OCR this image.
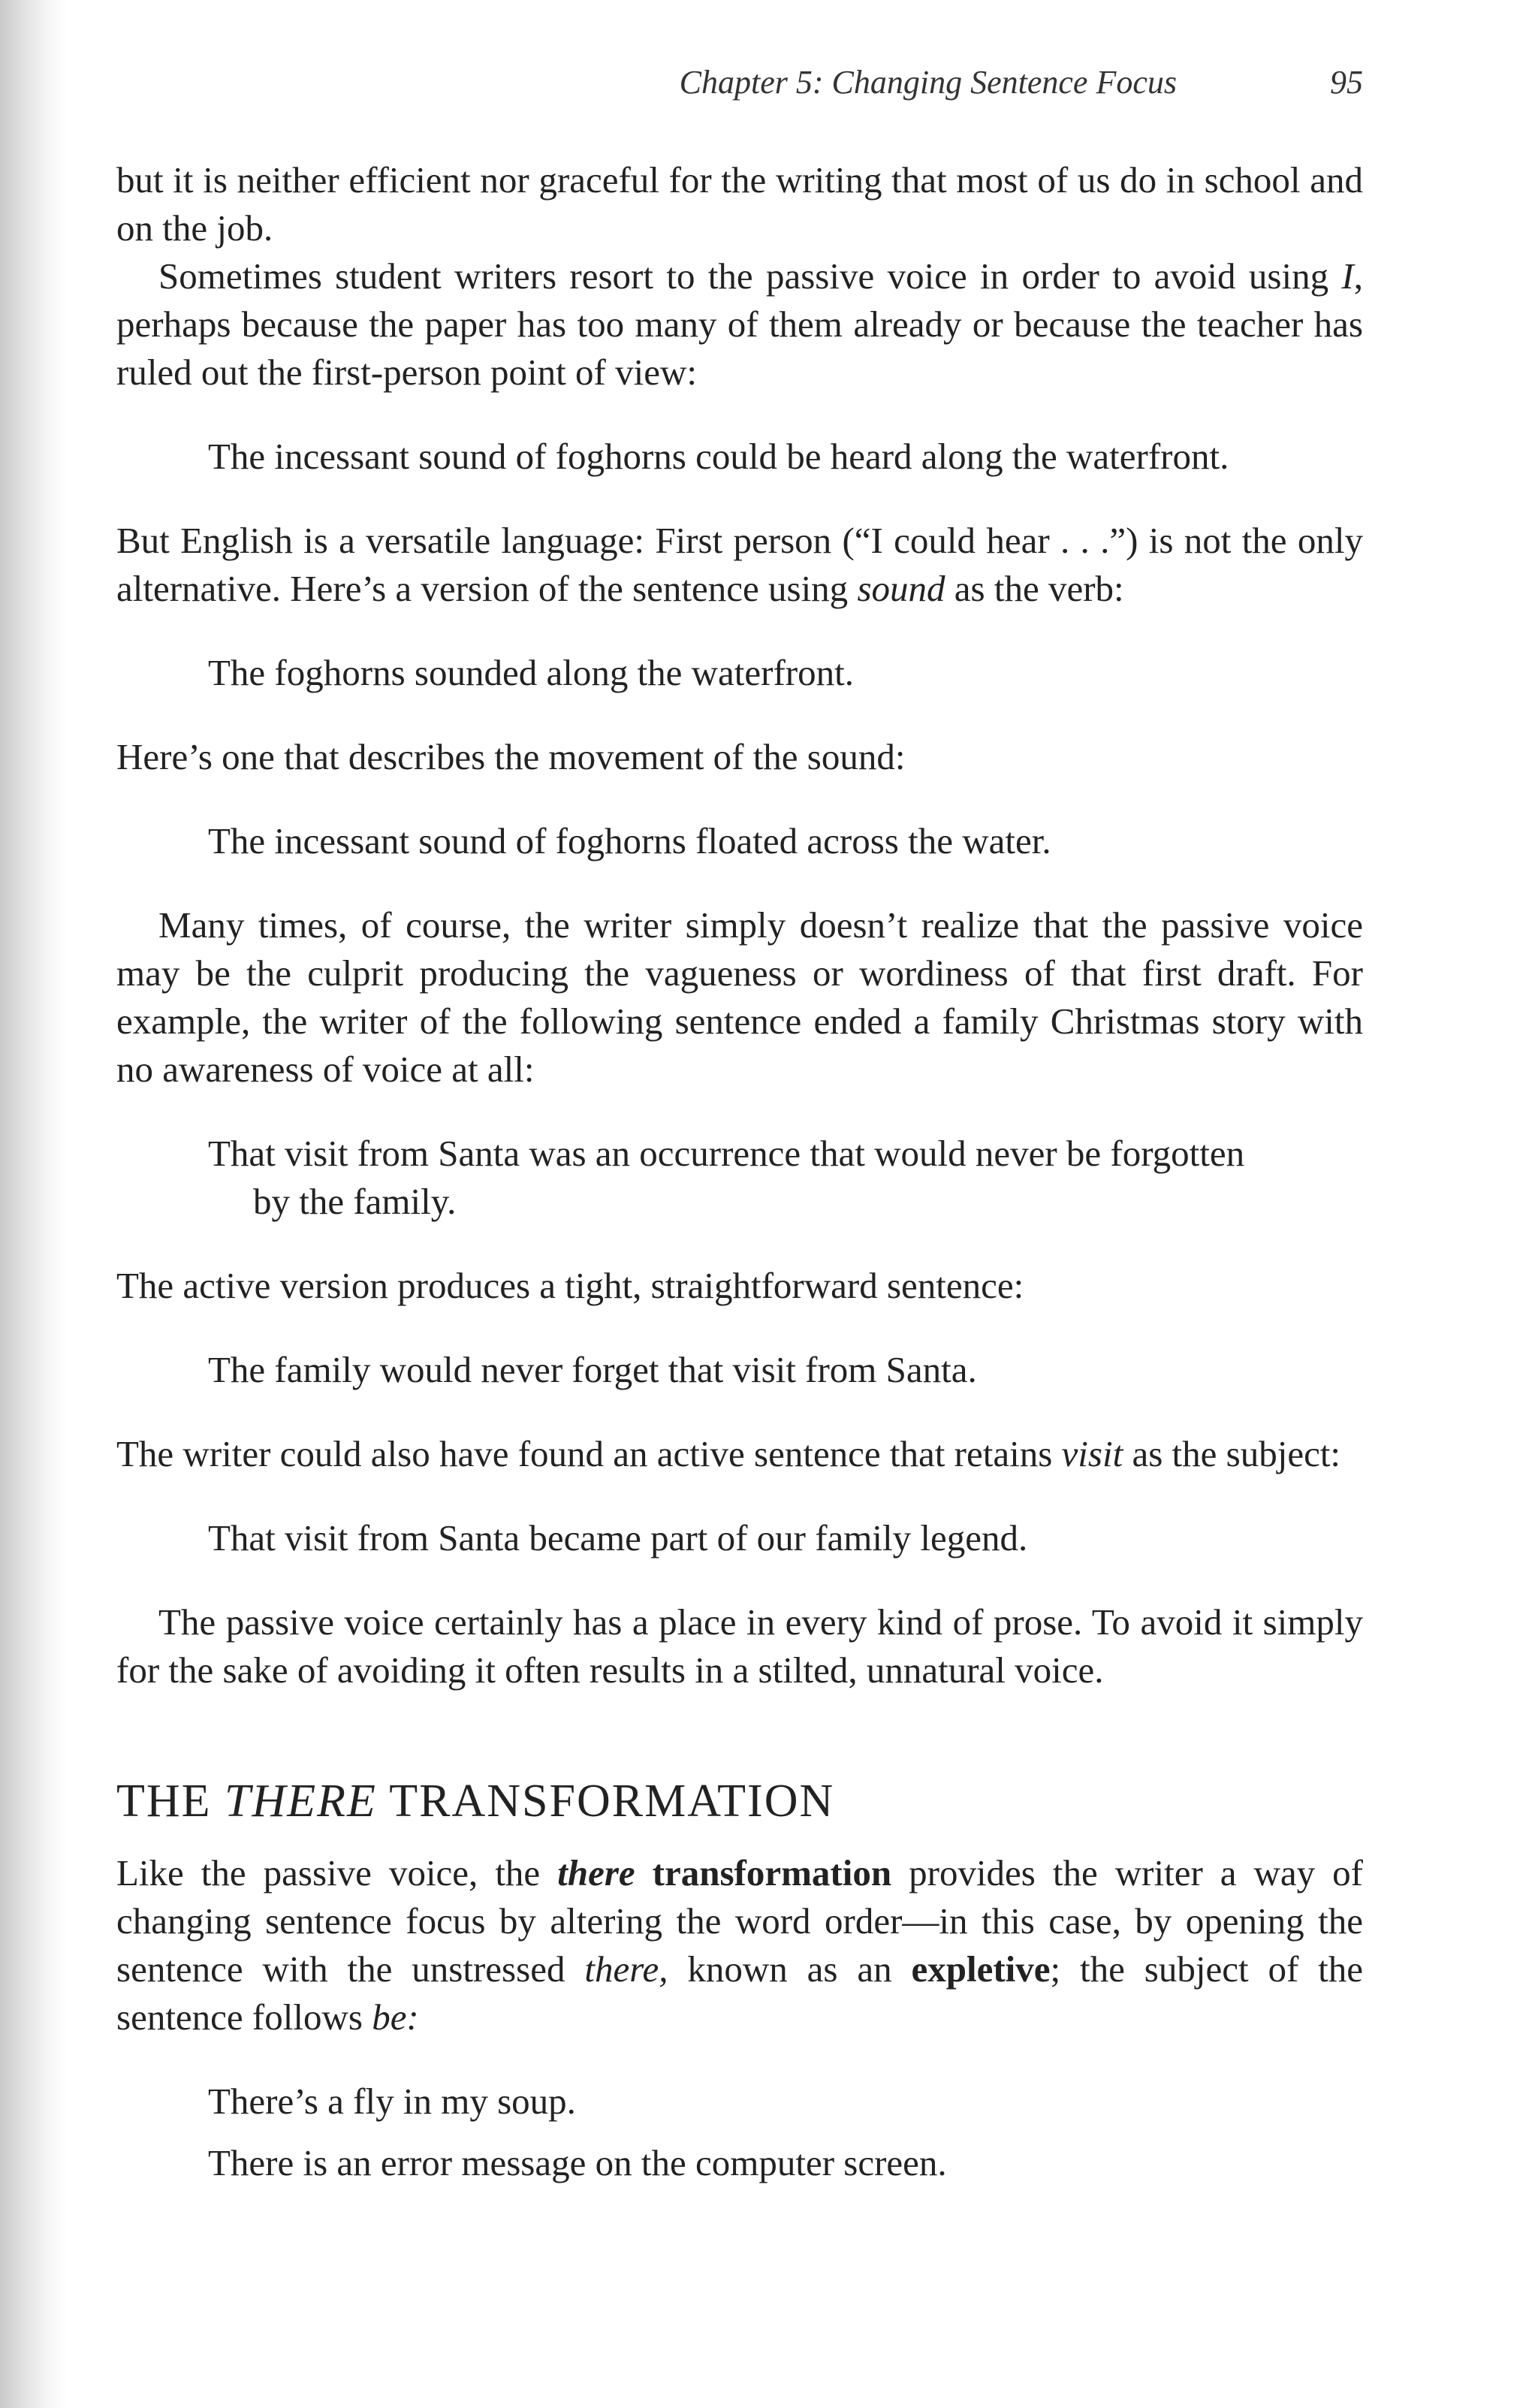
Chapter 5: Changing Sentence Focus	95

but it is neither efficient nor graceful for the writing that most of us do in school and on the job.

Sometimes student writers resort to the passive voice in order to avoid using I, perhaps because the paper has too many of them already or because the teacher has ruled out the first-person point of view:

The incessant sound of foghorns could be heard along the waterfront.

But English is a versatile language: First person (“I could hear . . .”) is not the only alternative. Here’s a version of the sentence using sound as the verb:

The foghorns sounded along the waterfront.

Here’s one that describes the movement of the sound:

The incessant sound of foghorns floated across the water.

Many times, of course, the writer simply doesn’t realize that the passive voice may be the culprit producing the vagueness or wordiness of that first draft. For example, the writer of the following sentence ended a family Christmas story with no awareness of voice at all:

That visit from Santa was an occurrence that would never be forgotten by the family.

The active version produces a tight, straightforward sentence:

The family would never forget that visit from Santa.

The writer could also have found an active sentence that retains visit as the subject:

That visit from Santa became part of our family legend.

The passive voice certainly has a place in every kind of prose. To avoid it simply for the sake of avoiding it often results in a stilted, unnatural voice.

THE THERE TRANSFORMATION

Like the passive voice, the there transformation provides the writer a way of changing sentence focus by altering the word order—in this case, by opening the sentence with the unstressed there, known as an expletive; the subject of the sentence follows be:

There’s a fly in my soup.
There is an error message on the computer screen.
